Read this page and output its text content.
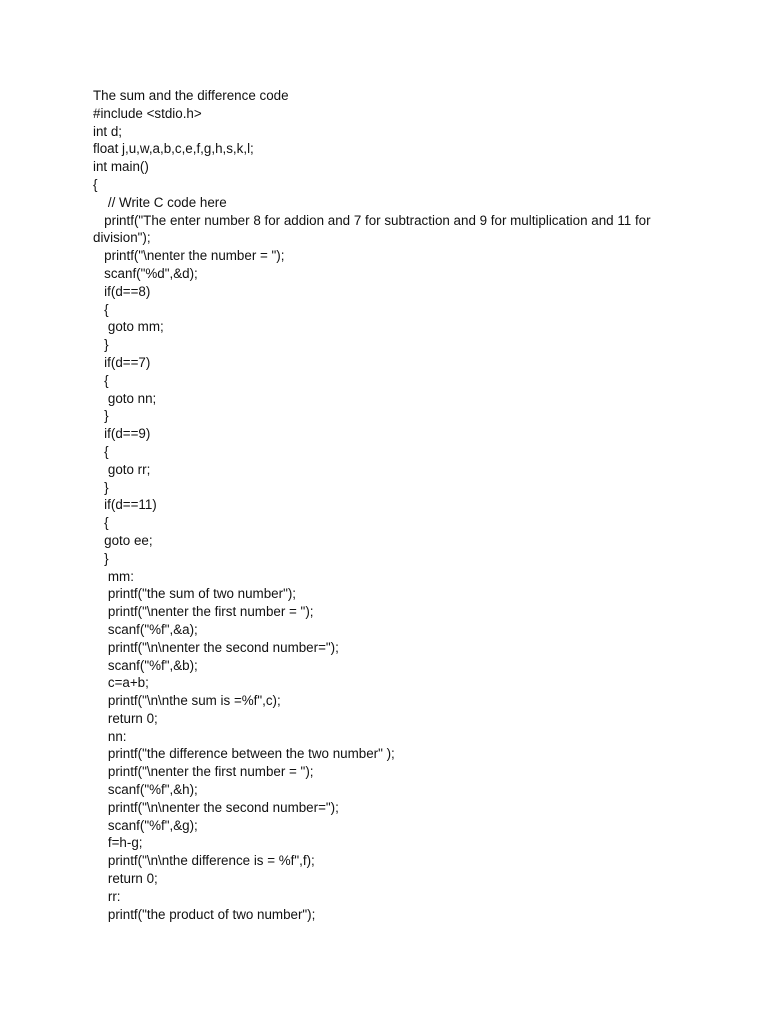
The sum and the difference code
#include <stdio.h>
int d;
float j,u,w,a,b,c,e,f,g,h,s,k,l;
int main()
{
// Write C code here
printf("The enter number 8 for addion and 7 for subtraction and 9 for multiplication and 11 for division");
printf("\nenter the number = ");
scanf("%d",&d);
if(d==8)
{
goto mm;
}
if(d==7)
{
goto nn;
}
if(d==9)
{
goto rr;
}
if(d==11)
{
goto ee;
}
mm:
printf("the sum of two number");
printf("\nenter the first number = ");
scanf("%f",&a);
printf("\n\nenter the second number=");
scanf("%f",&b);
c=a+b;
printf("\n\nthe sum is =%f",c);
return 0;
nn:
printf("the difference between the two number" );
printf("\nenter the first number = ");
scanf("%f",&h);
printf("\n\nenter the second number=");
scanf("%f",&g);
f=h-g;
printf("\n\nthe difference is = %f",f);
return 0;
rr:
printf("the product of two number");
